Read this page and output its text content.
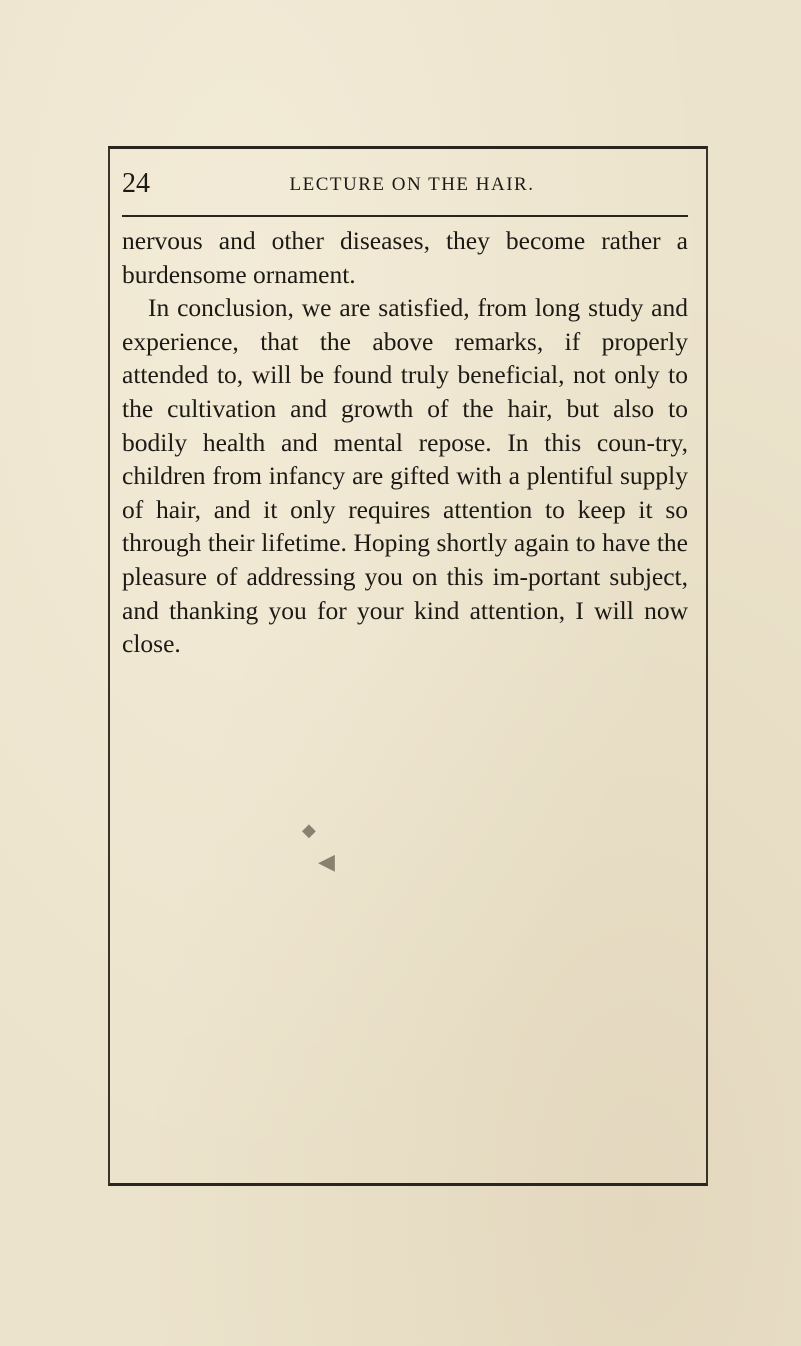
24	LECTURE ON THE HAIR.

nervous and other diseases, they become rather a burdensome ornament.

In conclusion, we are satisfied, from long study and experience, that the above remarks, if properly attended to, will be found truly beneficial, not only to the cultivation and growth of the hair, but also to bodily health and mental repose. In this coun-try, children from infancy are gifted with a plentiful supply of hair, and it only requires attention to keep it so through their lifetime. Hoping shortly again to have the pleasure of addressing you on this im-portant subject, and thanking you for your kind attention, I will now close.

◆
◀
